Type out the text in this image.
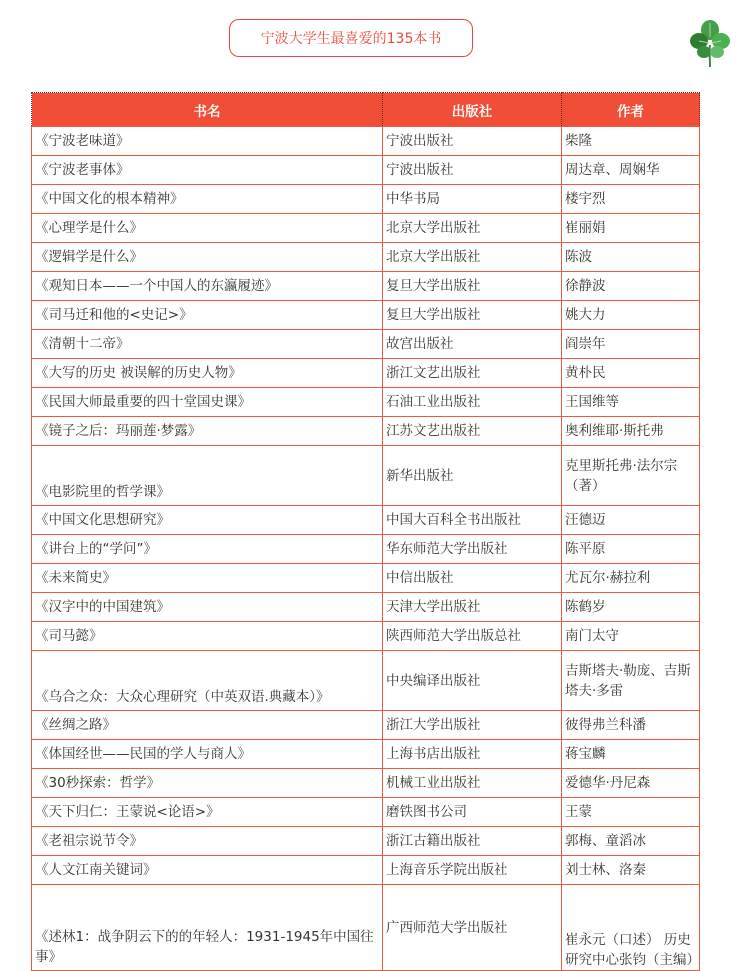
宁波大学生最喜爱的135本书
书名	出版社	作者
《宁波老味道》	宁波出版社	柴隆
《宁波老事体》	宁波出版社	周达章、周娴华
《中国文化的根本精神》	中华书局	楼宇烈
《心理学是什么》	北京大学出版社	崔丽娟
《逻辑学是什么》	北京大学出版社	陈波
《观知日本——一个中国人的东瀛履迹》	复旦大学出版社	徐静波
《司马迁和他的<史记>》	复旦大学出版社	姚大力
《清朝十二帝》	故宫出版社	阎崇年
《大写的历史 被误解的历史人物》	浙江文艺出版社	黄朴民
《民国大师最重要的四十堂国史课》	石油工业出版社	王国维等
《镜子之后：玛丽莲·梦露》	江苏文艺出版社	奥利维耶·斯托弗
《电影院里的哲学课》	新华出版社	克里斯托弗·法尔宗（著）
《中国文化思想研究》	中国大百科全书出版社	汪德迈
《讲台上的“学问”》	华东师范大学出版社	陈平原
《未来简史》	中信出版社	尤瓦尔·赫拉利
《汉字中的中国建筑》	天津大学出版社	陈鹤岁
《司马懿》	陕西师范大学出版总社	南门太守
《乌合之众：大众心理研究（中英双语.典藏本）》	中央编译出版社	吉斯塔夫·勒庞、吉斯塔夫·多雷
《丝绸之路》	浙江大学出版社	彼得弗兰科潘
《体国经世——民国的学人与商人》	上海书店出版社	蒋宝麟
《30秒探索：哲学》	机械工业出版社	爱德华·丹尼森
《天下归仁：王蒙说<论语>》	磨铁图书公司	王蒙
《老祖宗说节令》	浙江古籍出版社	郭梅、童滔冰
《人文江南关键词》	上海音乐学院出版社	刘士林、洛秦
《述林1：战争阴云下的的年轻人：1931-1945年中国往事》	广西师范大学出版社	崔永元（口述） 历史研究中心张钧（主编）
